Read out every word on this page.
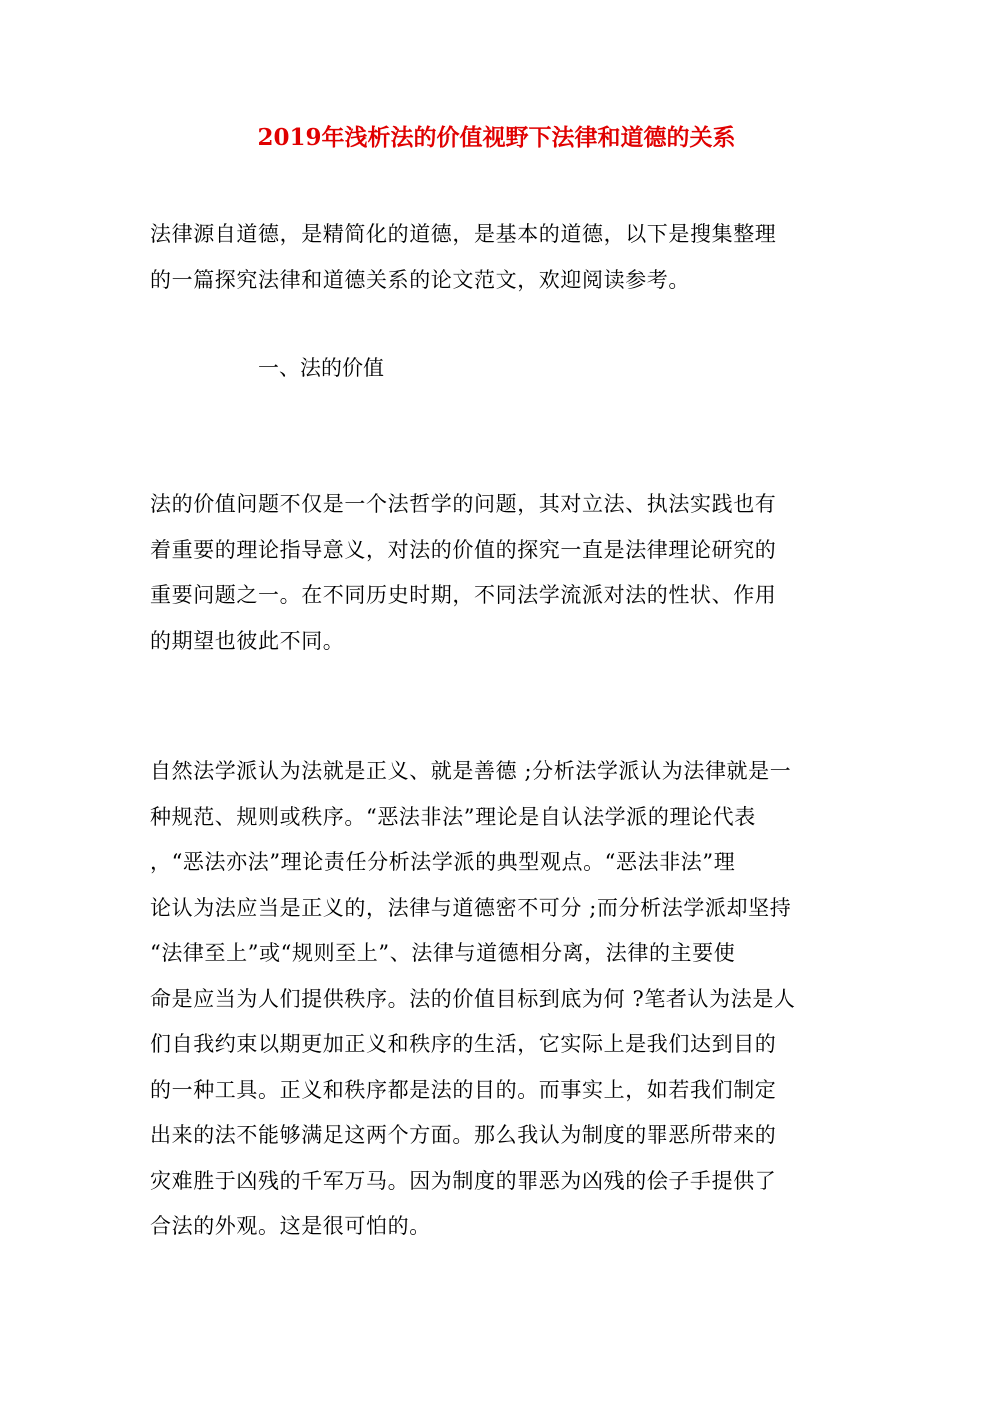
2019年浅析法的价值视野下法律和道德的关系
法律源自道德，是精简化的道德，是基本的道德，以下是搜集整理
的一篇探究法律和道德关系的论文范文，欢迎阅读参考。
一、法的价值
法的价值问题不仅是一个法哲学的问题，其对立法、执法实践也有
着重要的理论指导意义，对法的价值的探究一直是法律理论研究的
重要问题之一。在不同历史时期，不同法学流派对法的性状、作用
的期望也彼此不同。
自然法学派认为法就是正义、就是善德 ;分析法学派认为法律就是一
种规范、规则或秩序。“恶法非法”理论是自认法学派的理论代表
，“恶法亦法”理论责任分析法学派的典型观点。“恶法非法”理
论认为法应当是正义的，法律与道德密不可分 ;而分析法学派却坚持
“法律至上”或“规则至上”、法律与道德相分离，法律的主要使
命是应当为人们提供秩序。法的价值目标到底为何 ?笔者认为法是人
们自我约束以期更加正义和秩序的生活，它实际上是我们达到目的
的一种工具。正义和秩序都是法的目的。而事实上，如若我们制定
出来的法不能够满足这两个方面。那么我认为制度的罪恶所带来的
灾难胜于凶残的千军万马。因为制度的罪恶为凶残的侩子手提供了
合法的外观。这是很可怕的。
